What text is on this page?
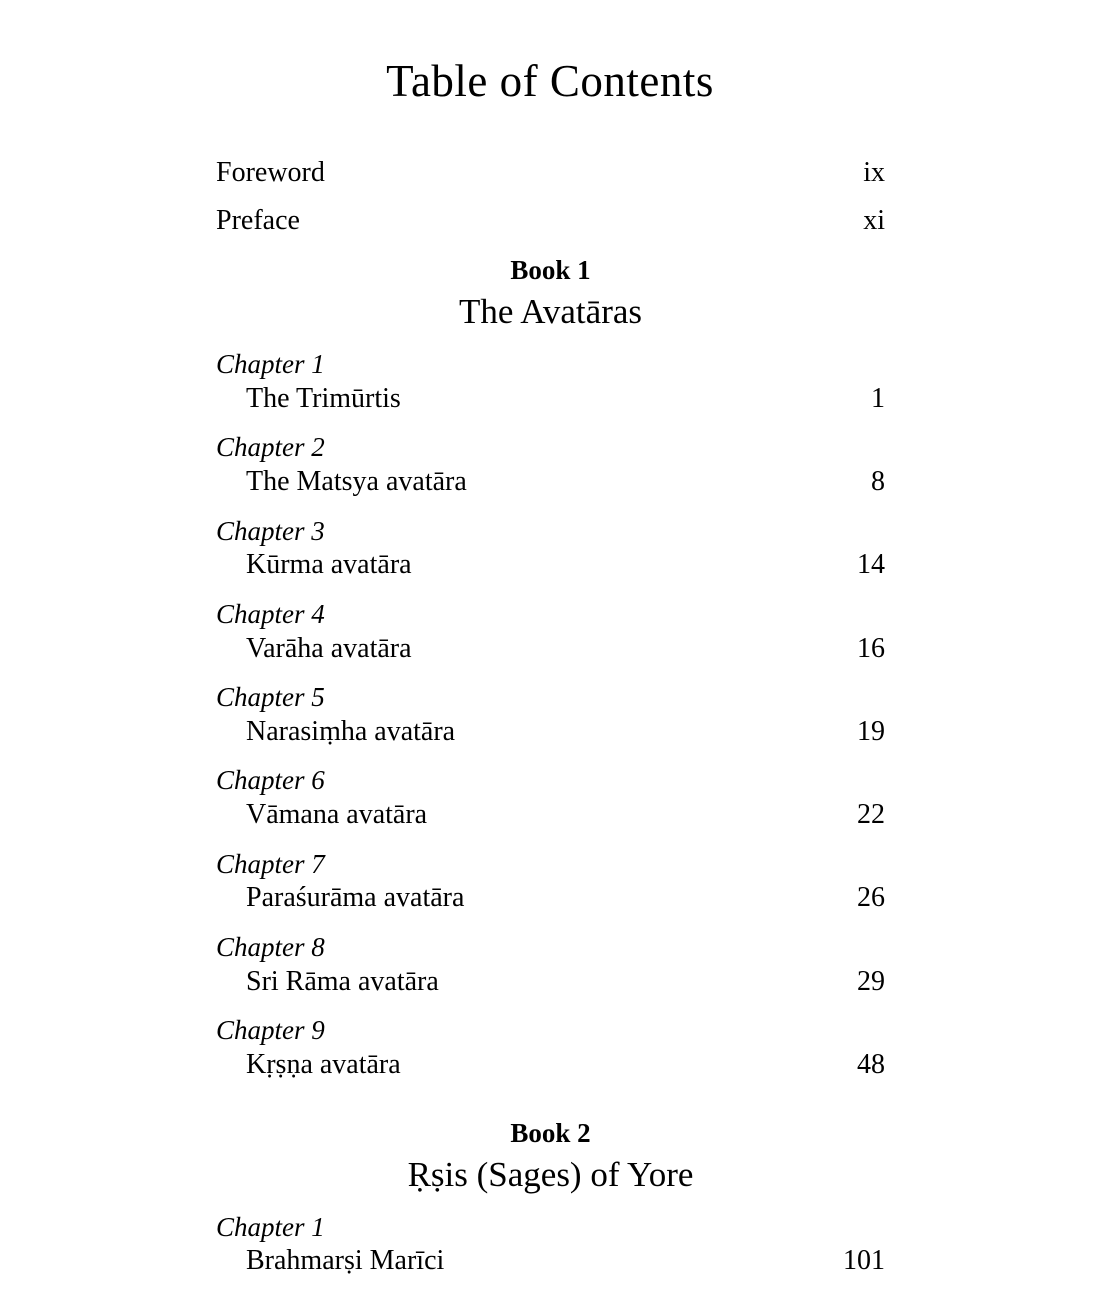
Table of Contents
Foreword	ix
Preface	xi
Book 1
The Avatāras
Chapter 1
The Trimūrtis	1
Chapter 2
The Matsya avatāra	8
Chapter 3
Kūrma avatāra	14
Chapter 4
Varāha avatāra	16
Chapter 5
Narasiṃha avatāra	19
Chapter 6
Vāmana avatāra	22
Chapter 7
Paraśurāma avatāra	26
Chapter 8
Sri Rāma avatāra	29
Chapter 9
Kṛṣṇa avatāra	48
Book 2
Ṛṣis (Sages) of Yore
Chapter 1
Brahmarṣi Marīci	101
